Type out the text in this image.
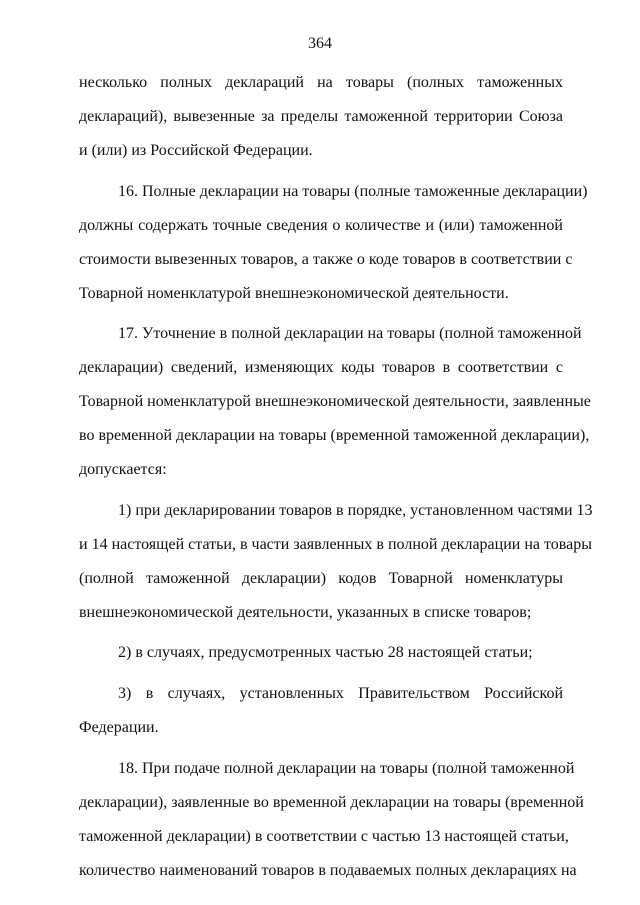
364
несколько полных деклараций на товары (полных таможенных
деклараций), вывезенные за пределы таможенной территории Союза
и (или) из Российской Федерации.
16. Полные декларации на товары (полные таможенные декларации)
должны содержать точные сведения о количестве и (или) таможенной
стоимости вывезенных товаров, а также о коде товаров в соответствии с
Товарной номенклатурой внешнеэкономической деятельности.
17. Уточнение в полной декларации на товары (полной таможенной
декларации) сведений, изменяющих коды товаров в соответствии с
Товарной номенклатурой внешнеэкономической деятельности, заявленные
во временной декларации на товары (временной таможенной декларации),
допускается:
1) при декларировании товаров в порядке, установленном частями 13
и 14 настоящей статьи, в части заявленных в полной декларации на товары
(полной таможенной декларации) кодов Товарной номенклатуры
внешнеэкономической деятельности, указанных в списке товаров;
2) в случаях, предусмотренных частью 28 настоящей статьи;
3) в случаях, установленных Правительством Российской
Федерации.
18. При подаче полной декларации на товары (полной таможенной
декларации), заявленные во временной декларации на товары (временной
таможенной декларации) в соответствии с частью 13 настоящей статьи,
количество наименований товаров в подаваемых полных декларациях на
